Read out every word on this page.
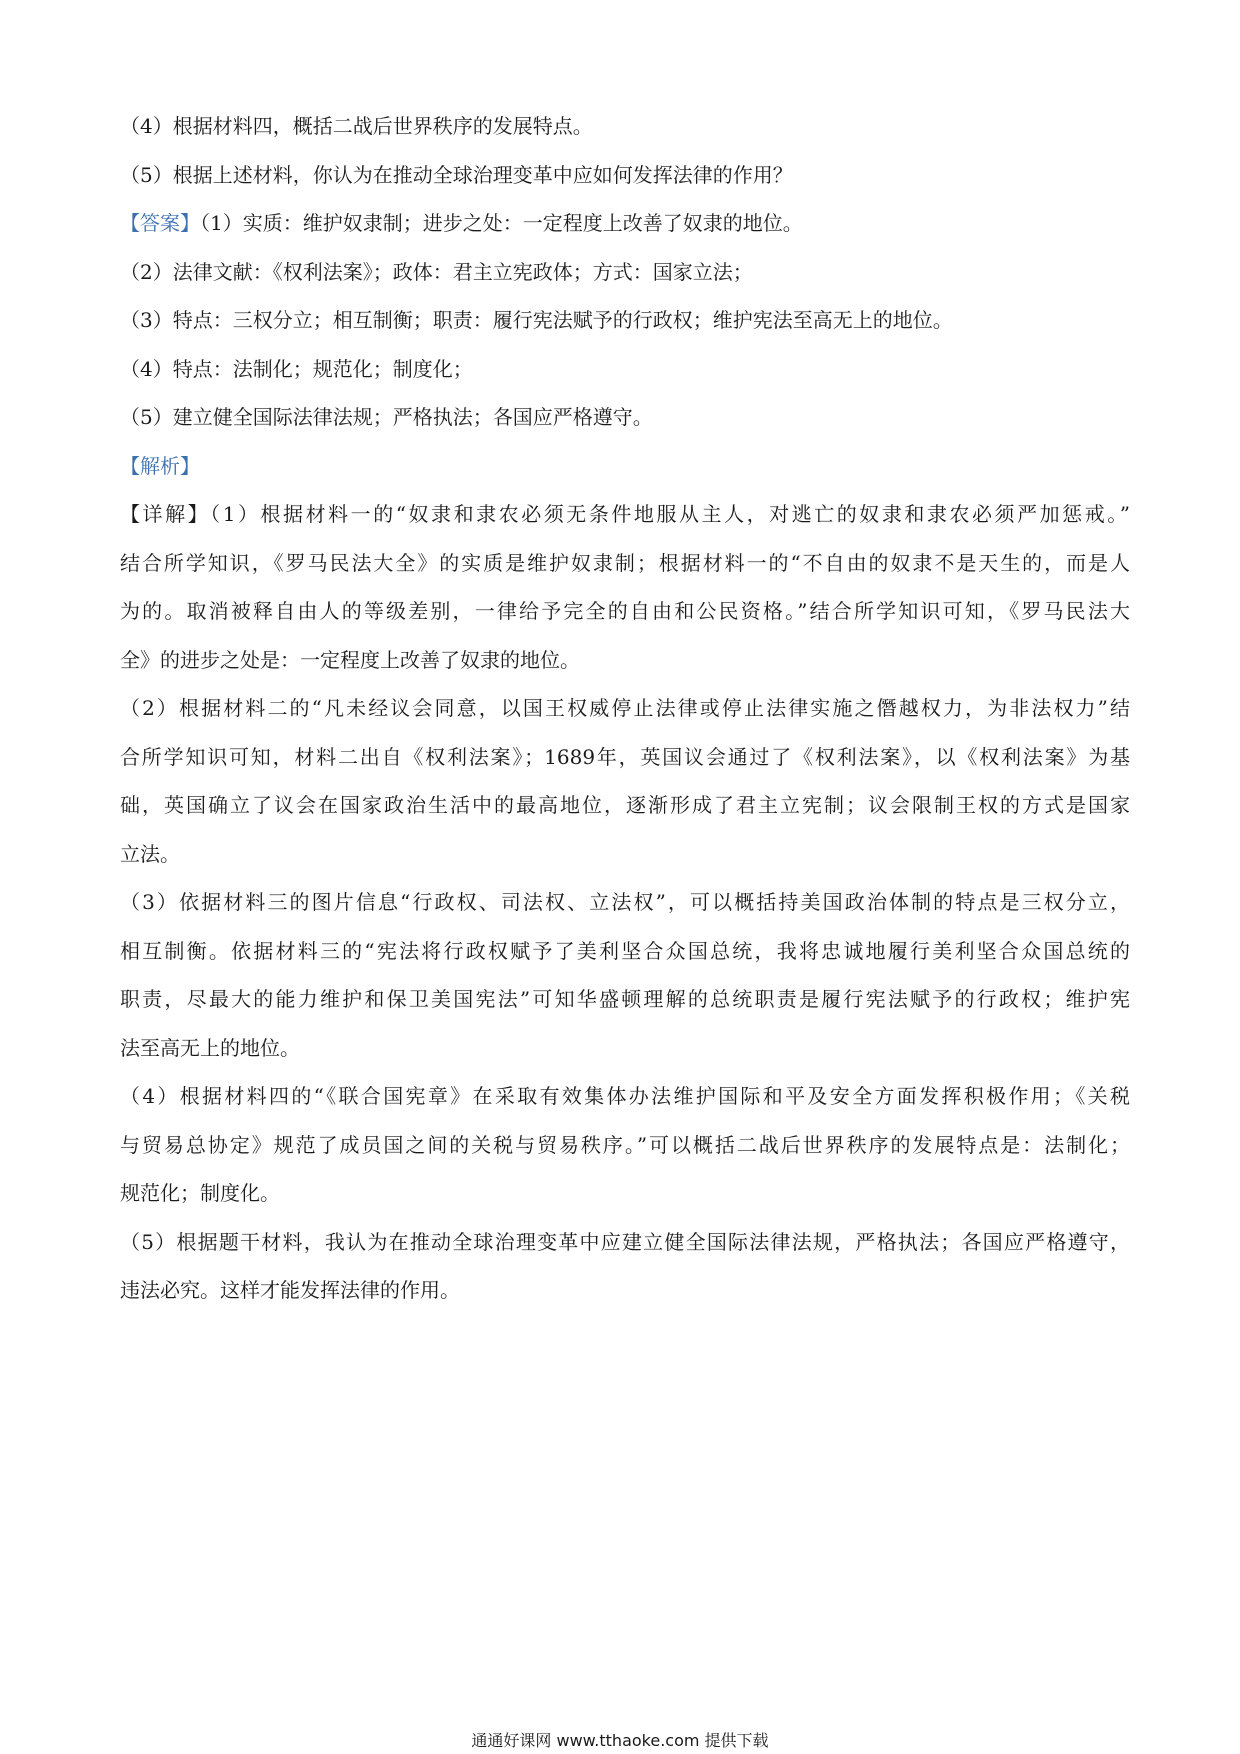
（4）根据材料四，概括二战后世界秩序的发展特点。
（5）根据上述材料，你认为在推动全球治理变革中应如何发挥法律的作用？
【答案】（1）实质：维护奴隶制；进步之处：一定程度上改善了奴隶的地位。
（2）法律文献：《权利法案》；政体：君主立宪政体；方式：国家立法；
（3）特点：三权分立；相互制衡；职责：履行宪法赋予的行政权；维护宪法至高无上的地位。
（4）特点：法制化；规范化；制度化；
（5）建立健全国际法律法规；严格执法；各国应严格遵守。
【解析】
【详解】（1）根据材料一的“奴隶和隶农必须无条件地服从主人，对逃亡的奴隶和隶农必须严加惩戒。”
结合所学知识，《罗马民法大全》的实质是维护奴隶制；根据材料一的“不自由的奴隶不是天生的，而是人
为的。取消被释自由人的等级差别，一律给予完全的自由和公民资格。”结合所学知识可知，《罗马民法大
全》的进步之处是：一定程度上改善了奴隶的地位。
（2）根据材料二的“凡未经议会同意，以国王权威停止法律或停止法律实施之僭越权力，为非法权力”结
合所学知识可知，材料二出自《权利法案》；1689年，英国议会通过了《权利法案》，以《权利法案》为基
础，英国确立了议会在国家政治生活中的最高地位，逐渐形成了君主立宪制；议会限制王权的方式是国家
立法。
（3）依据材料三的图片信息“行政权、司法权、立法权”，可以概括持美国政治体制的特点是三权分立，
相互制衡。依据材料三的“宪法将行政权赋予了美利坚合众国总统，我将忠诚地履行美利坚合众国总统的
职责，尽最大的能力维护和保卫美国宪法”可知华盛顿理解的总统职责是履行宪法赋予的行政权；维护宪
法至高无上的地位。
（4）根据材料四的“《联合国宪章》在采取有效集体办法维护国际和平及安全方面发挥积极作用；《关税
与贸易总协定》规范了成员国之间的关税与贸易秩序。”可以概括二战后世界秩序的发展特点是：法制化；
规范化；制度化。
（5）根据题干材料，我认为在推动全球治理变革中应建立健全国际法律法规，严格执法；各国应严格遵守，
违法必究。这样才能发挥法律的作用。
通通好课网 www.tthaoke.com 提供下载
